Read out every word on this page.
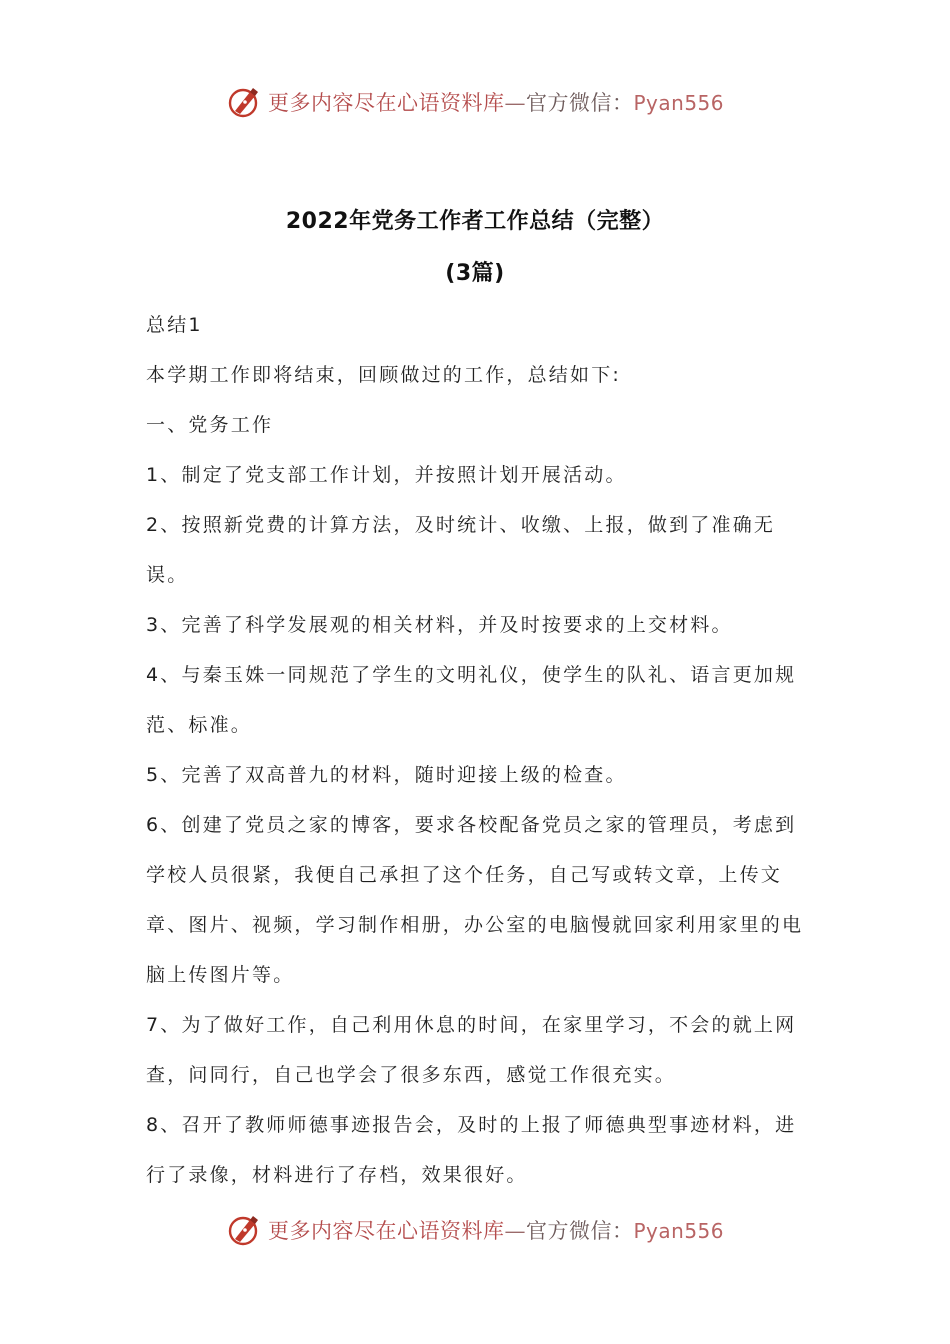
更多内容尽在心语资料库—官方微信：Pyan556
2022年党务工作者工作总结（完整）
(3篇)

总结1

本学期工作即将结束，回顾做过的工作，总结如下:

一、党务工作

1、制定了党支部工作计划，并按照计划开展活动。

2、按照新党费的计算方法，及时统计、收缴、上报，做到了准确无误。

3、完善了科学发展观的相关材料，并及时按要求的上交材料。

4、与秦玉姝一同规范了学生的文明礼仪，使学生的队礼、语言更加规范、标准。

5、完善了双高普九的材料，随时迎接上级的检查。

6、创建了党员之家的博客，要求各校配备党员之家的管理员，考虑到学校人员很紧，我便自己承担了这个任务，自己写或转文章，上传文章、图片、视频，学习制作相册，办公室的电脑慢就回家利用家里的电脑上传图片等。

7、为了做好工作，自己利用休息的时间，在家里学习，不会的就上网查，问同行，自己也学会了很多东西，感觉工作很充实。

8、召开了教师师德事迹报告会，及时的上报了师德典型事迹材料，进行了录像，材料进行了存档，效果很好。

更多内容尽在心语资料库—官方微信：Pyan556
